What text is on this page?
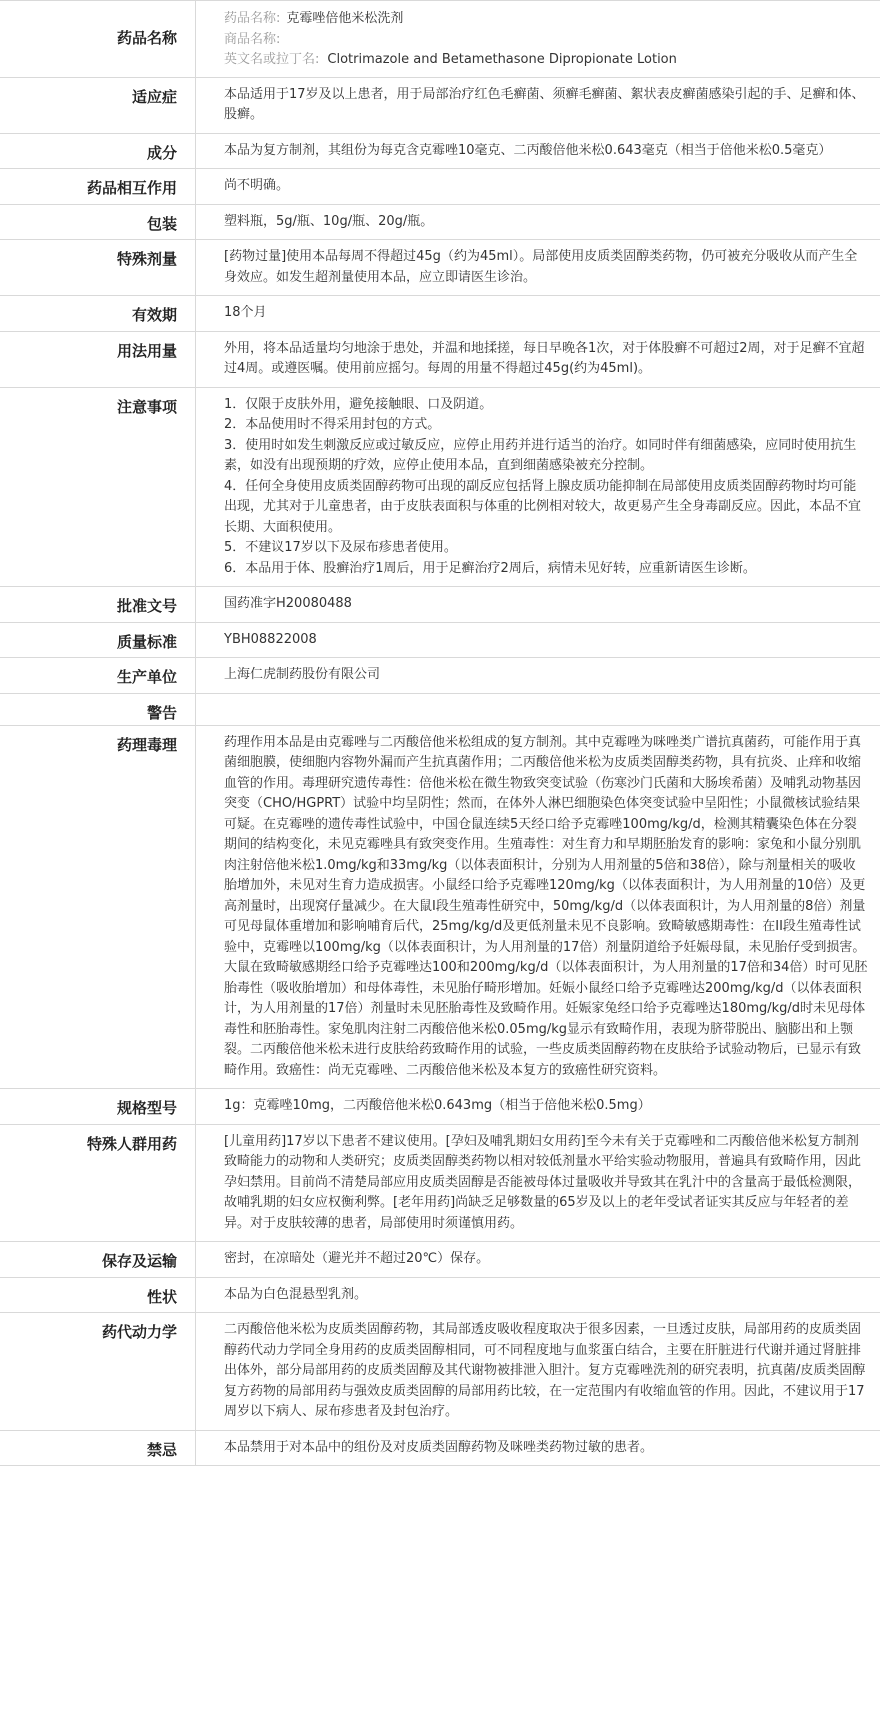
药品名称
药品名称: 克霉唑倍他米松洗剂
商品名称:
英文名或拉丁名: Clotrimazole and Betamethasone Dipropionate Lotion
适应症	本品适用于17岁及以上患者，用于局部治疗红色毛癣菌、须癣毛癣菌、絮状表皮癣菌感染引起的手、足癣和体、股癣。
成分	本品为复方制剂，其组份为每克含克霉唑10毫克、二丙酸倍他米松0.643毫克（相当于倍他米松0.5毫克）
药品相互作用	尚不明确。
包装	塑料瓶，5g/瓶、10g/瓶、20g/瓶。
特殊剂量	[药物过量]使用本品每周不得超过45g（约为45ml）。局部使用皮质类固醇类药物，仍可被充分吸收从而产生全身效应。如发生超剂量使用本品，应立即请医生诊治。
有效期	18个月
用法用量	外用，将本品适量均匀地涂于患处，并温和地揉搓，每日早晚各1次，对于体股癣不可超过2周，对于足癣不宜超过4周。或遵医嘱。使用前应摇匀。每周的用量不得超过45g(约为45ml)。
注意事项	1．仅限于皮肤外用，避免接触眼、口及阴道。

2．本品使用时不得采用封包的方式。

3．使用时如发生刺激反应或过敏反应，应停止用药并进行适当的治疗。如同时伴有细菌感染，应同时使用抗生素，如没有出现预期的疗效，应停止使用本品，直到细菌感染被充分控制。

4．任何全身使用皮质类固醇药物可出现的副反应包括肾上腺皮质功能抑制在局部使用皮质类固醇药物时均可能出现，尤其对于儿童患者，由于皮肤表面积与体重的比例相对较大，故更易产生全身毒副反应。因此，本品不宜长期、大面积使用。

5．不建议17岁以下及尿布疹患者使用。

6．本品用于体、股癣治疗1周后，用于足癣治疗2周后，病情未见好转，应重新请医生诊断。

批准文号	国药准字H20080488
质量标准	YBH08822008
生产单位	上海仁虎制药股份有限公司
警告
药理毒理	药理作用本品是由克霉唑与二丙酸倍他米松组成的复方制剂。其中克霉唑为咪唑类广谱抗真菌药，可能作用于真菌细胞膜，使细胞内容物外漏而产生抗真菌作用；二丙酸倍他米松为皮质类固醇类药物，具有抗炎、止痒和收缩血管的作用。毒理研究遗传毒性：倍他米松在微生物致突变试验（伤寒沙门氏菌和大肠埃希菌）及哺乳动物基因突变（CHO/HGPRT）试验中均呈阴性；然而，在体外人淋巴细胞染色体突变试验中呈阳性；小鼠微核试验结果可疑。在克霉唑的遗传毒性试验中，中国仓鼠连续5天经口给予克霉唑100mg/kg/d，检测其精囊染色体在分裂期间的结构变化，未见克霉唑具有致突变作用。生殖毒性：对生育力和早期胚胎发育的影响：家兔和小鼠分别肌肉注射倍他米松1.0mg/kg和33mg/kg（以体表面积计，分别为人用剂量的5倍和38倍），除与剂量相关的吸收胎增加外，未见对生育力造成损害。小鼠经口给予克霉唑120mg/kg（以体表面积计，为人用剂量的10倍）及更高剂量时，出现窝仔量减少。在大鼠I段生殖毒性研究中，50mg/kg/d（以体表面积计，为人用剂量的8倍）剂量可见母鼠体重增加和影响哺育后代，25mg/kg/d及更低剂量未见不良影响。致畸敏感期毒性：在II段生殖毒性试验中，克霉唑以100mg/kg（以体表面积计，为人用剂量的17倍）剂量阴道给予妊娠母鼠，未见胎仔受到损害。大鼠在致畸敏感期经口给予克霉唑达100和200mg/kg/d（以体表面积计，为人用剂量的17倍和34倍）时可见胚胎毒性（吸收胎增加）和母体毒性，未见胎仔畸形增加。妊娠小鼠经口给予克霉唑达200mg/kg/d（以体表面积计，为人用剂量的17倍）剂量时未见胚胎毒性及致畸作用。妊娠家兔经口给予克霉唑达180mg/kg/d时未见母体毒性和胚胎毒性。家兔肌肉注射二丙酸倍他米松0.05mg/kg显示有致畸作用，表现为脐带脱出、脑膨出和上颚裂。二丙酸倍他米松未进行皮肤给药致畸作用的试验，一些皮质类固醇药物在皮肤给予试验动物后，已显示有致畸作用。致癌性：尚无克霉唑、二丙酸倍他米松及本复方的致癌性研究资料。
规格型号	1g：克霉唑10mg，二丙酸倍他米松0.643mg（相当于倍他米松0.5mg）
特殊人群用药	[儿童用药]17岁以下患者不建议使用。[孕妇及哺乳期妇女用药]至今未有关于克霉唑和二丙酸倍他米松复方制剂致畸能力的动物和人类研究；皮质类固醇类药物以相对较低剂量水平给实验动物服用，普遍具有致畸作用，因此孕妇禁用。目前尚不清楚局部应用皮质类固醇是否能被母体过量吸收并导致其在乳汁中的含量高于最低检测限，故哺乳期的妇女应权衡利弊。[老年用药]尚缺乏足够数量的65岁及以上的老年受试者证实其反应与年轻者的差异。对于皮肤较薄的患者，局部使用时须谨慎用药。
保存及运输	密封，在凉暗处（避光并不超过20℃）保存。
性状	本品为白色混悬型乳剂。
药代动力学	二丙酸倍他米松为皮质类固醇药物，其局部透皮吸收程度取决于很多因素，一旦透过皮肤，局部用药的皮质类固醇药代动力学同全身用药的皮质类固醇相同，可不同程度地与血浆蛋白结合，主要在肝脏进行代谢并通过肾脏排出体外，部分局部用药的皮质类固醇及其代谢物被排泄入胆汁。复方克霉唑洗剂的研究表明，抗真菌/皮质类固醇复方药物的局部用药与强效皮质类固醇的局部用药比较，在一定范围内有收缩血管的作用。因此，不建议用于17周岁以下病人、尿布疹患者及封包治疗。
禁忌	本品禁用于对本品中的组份及对皮质类固醇药物及咪唑类药物过敏的患者。
